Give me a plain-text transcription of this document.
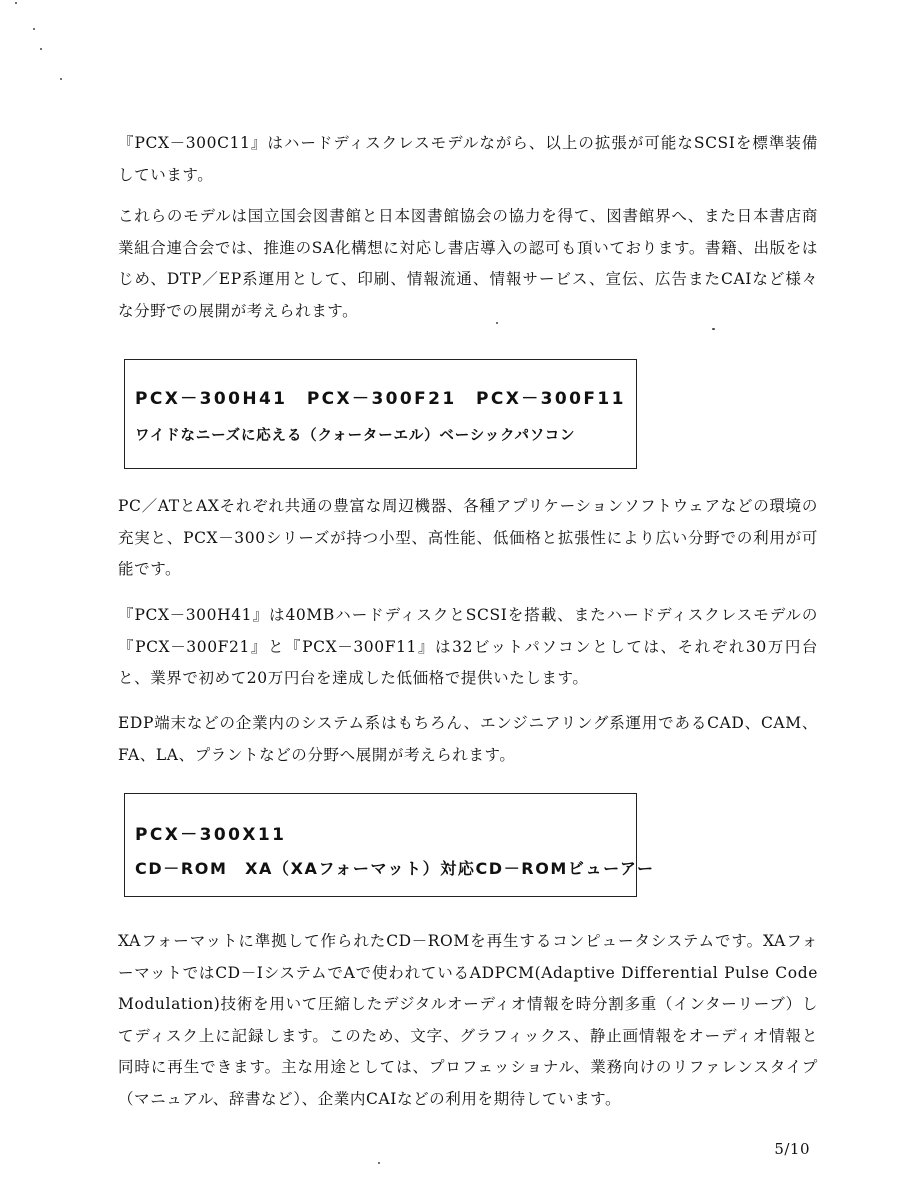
『PCX－300C11』はハードディスクレスモデルながら、以上の拡張が可能なSCSIを標準装備しています。

これらのモデルは国立国会図書館と日本図書館協会の協力を得て、図書館界へ、また日本書店商業組合連合会では、推進のSA化構想に対応し書店導入の認可も頂いております。書籍、出版をはじめ、DTP／EP系運用として、印刷、情報流通、情報サービス、宣伝、広告またCAIなど様々な分野での展開が考えられます。

PCX－300H41　PCX－300F21　PCX－300F11
ワイドなニーズに応える（クォーターエル）ベーシックパソコン

PC／ATとAXそれぞれ共通の豊富な周辺機器、各種アプリケーションソフトウェアなどの環境の充実と、PCX－300シリーズが持つ小型、高性能、低価格と拡張性により広い分野での利用が可能です。

『PCX－300H41』は40MBハードディスクとSCSIを搭載、またハードディスクレスモデルの『PCX－300F21』と『PCX－300F11』は32ビットパソコンとしては、それぞれ30万円台と、業界で初めて20万円台を達成した低価格で提供いたします。

EDP端末などの企業内のシステム系はもちろん、エンジニアリング系運用であるCAD、CAM、FA、LA、プラントなどの分野へ展開が考えられます。

PCX－300X11
CD－ROM　XA（XAフォーマット）対応CD－ROMビューアー

XAフォーマットに準拠して作られたCD－ROMを再生するコンピュータシステムです。XAフォーマットではCD－IシステムでAで使われているADPCM(Adaptive Differential Pulse Code Modulation)技術を用いて圧縮したデジタルオーディオ情報を時分割多重（インターリーブ）してディスク上に記録します。このため、文字、グラフィックス、静止画情報をオーディオ情報と同時に再生できます。主な用途としては、プロフェッショナル、業務向けのリファレンスタイプ（マニュアル、辞書など）、企業内CAIなどの利用を期待しています。

5/10
